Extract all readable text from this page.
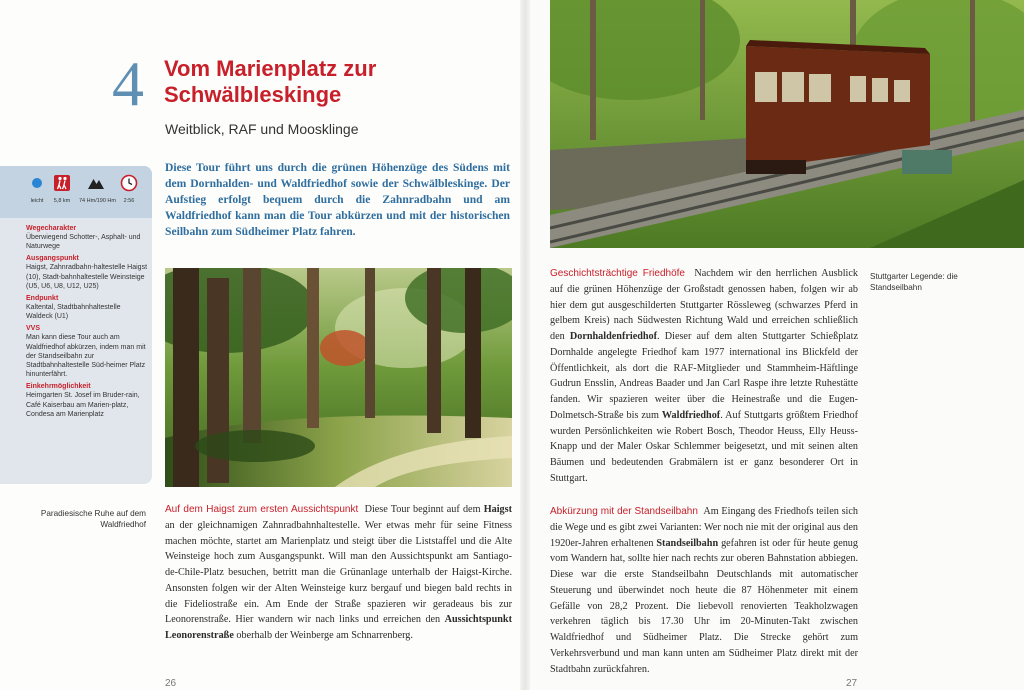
4 Vom Marienplatz zur Schwälbleskinge
Weitblick, RAF und Moosklinge
leicht	5,8 km	74 Hm/190 Hm	2:56
Wegecharakter
Überwiegend Schotter-, Asphalt- und Naturwege
Ausgangspunkt
Haigst, Zahnradbahn-haltestelle Haigst (10), Stadt-bahnhaltestelle Weinsteige (U5, U6, U8, U12, U25)
Endpunkt
Kaltental, Stadtbahnhaltestelle Waldeck (U1)
VVS
Man kann diese Tour auch am Waldfriedhof abkürzen, indem man mit der Standseilbahn zur Stadtbahnhaltestelle Süd-heimer Platz hinunterfährt.
Einkehrmöglichkeit
Heimgarten St. Josef im Bruder-rain, Café Kaiserbau am Marien-platz, Condesa am Marienplatz
Diese Tour führt uns durch die grünen Höhenzüge des Südens mit dem Dornhalden- und Waldfriedhof sowie der Schwälbleskinge. Der Aufstieg erfolgt bequem durch die Zahnradbahn und am Waldfriedhof kann man die Tour abkürzen und mit der historischen Seilbahn zum Südheimer Platz fahren.
Paradiesische Ruhe auf dem Waldfriedhof
Stuttgarter Legende: die Standseilbahn

Auf dem Haigst zum ersten Aussichtspunkt Diese Tour beginnt auf dem Haigst an der gleichnamigen Zahnradbahnhaltestelle. Wer etwas mehr für seine Fitness machen möchte, startet am Marienplatz und steigt über die Liststaffel und die Alte Weinsteige hoch zum Ausgangspunkt. Will man den Aussichtspunkt am Santiago-de-Chile-Platz besuchen, betritt man die Grünanlage unterhalb der Haigst-Kirche. Ansonsten folgen wir der Alten Weinsteige kurz bergauf und biegen bald rechts in die Fideliostraße ein. Am Ende der Straße spazieren wir geradeaus bis zur Leonorenstraße. Hier wandern wir nach links und erreichen den Aussichtspunkt Leonorenstraße oberhalb der Weinberge am Schnarrenberg.

Geschichtsträchtige Friedhöfe Nachdem wir den herrlichen Ausblick auf die grünen Höhenzüge der Großstadt genossen haben, folgen wir ab hier dem gut ausgeschilderten Stuttgarter Rössleweg (schwarzes Pferd in gelbem Kreis) nach Südwesten Richtung Wald und erreichen schließlich den Dornhaldenfriedhof. Dieser auf dem alten Stuttgarter Schießplatz Dornhalde angelegte Friedhof kam 1977 international ins Blickfeld der Öffentlichkeit, als dort die RAF-Mitglieder und Stammheim-Häftlinge Gudrun Ensslin, Andreas Baader und Jan Carl Raspe ihre letzte Ruhestätte fanden. Wir spazieren weiter über die Heinestraße und die Eugen-Dolmetsch-Straße bis zum Waldfriedhof. Auf Stuttgarts größtem Friedhof wurden Persönlichkeiten wie Robert Bosch, Theodor Heuss, Elly Heuss-Knapp und der Maler Oskar Schlemmer beigesetzt, und mit seinen alten Bäumen und bedeutenden Grabmälern ist er ganz besonderer Ort in Stuttgart.

Abkürzung mit der Standseilbahn Am Eingang des Friedhofs teilen sich die Wege und es gibt zwei Varianten: Wer noch nie mit der original aus den 1920er-Jahren erhaltenen Standseilbahn gefahren ist oder für heute genug vom Wandern hat, sollte hier nach rechts zur oberen Bahnstation abbiegen. Diese war die erste Standseilbahn Deutschlands mit automatischer Steuerung und überwindet noch heute die 87 Höhenmeter mit einem Gefälle von 28,2 Prozent. Die liebevoll renovierten Teakholzwagen verkehren täglich bis 17.30 Uhr im 20-Minuten-Takt zwischen Waldfriedhof und Südheimer Platz. Die Strecke gehört zum Verkehrsverbund und man kann unten am Südheimer Platz direkt mit der Stadtbahn zurückfahren.

26	27
